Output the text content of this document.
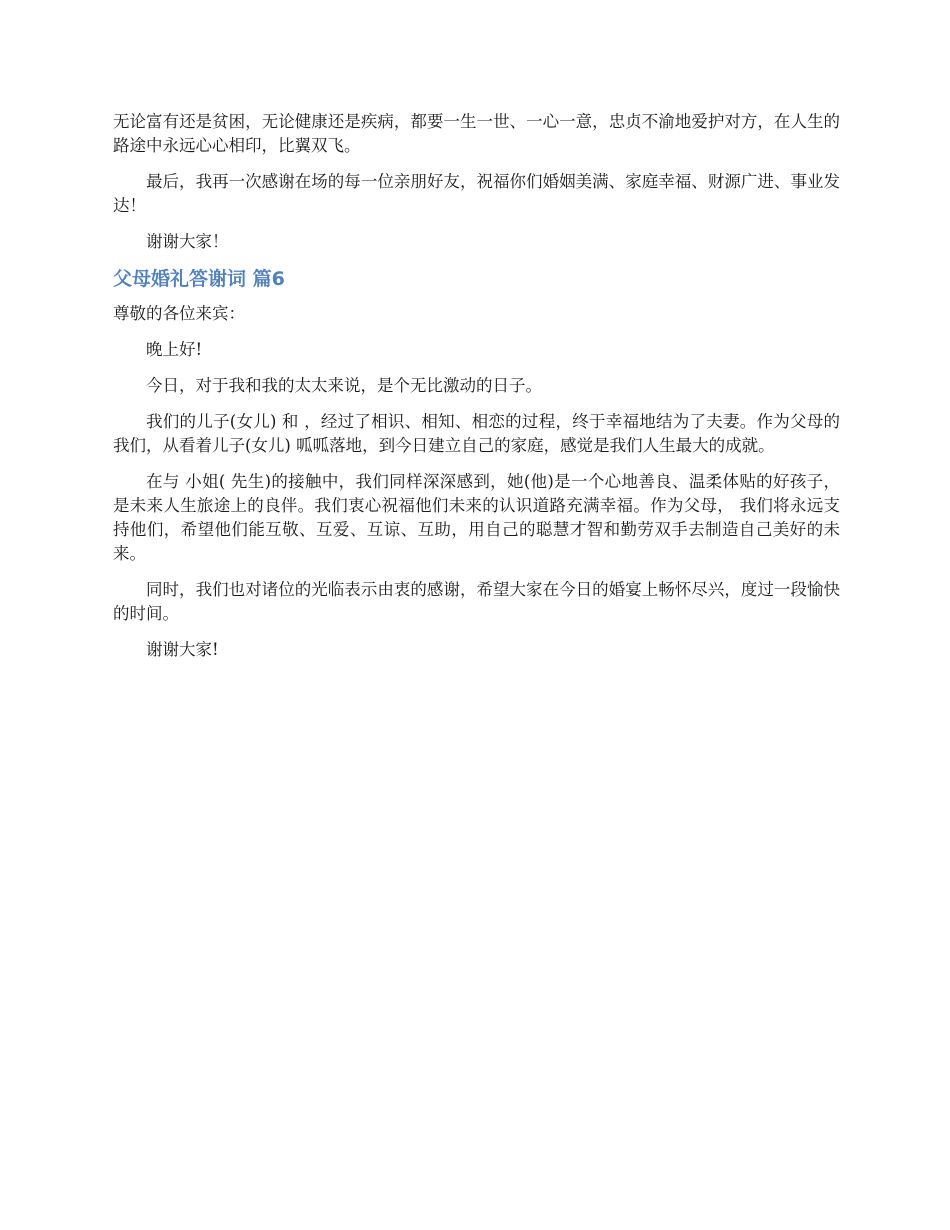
无论富有还是贫困，无论健康还是疾病，都要一生一世、一心一意，忠贞不渝地爱护对方，在人生的路途中永远心心相印，比翼双飞。

最后，我再一次感谢在场的每一位亲朋好友，祝福你们婚姻美满、家庭幸福、财源广进、事业发达！

谢谢大家！

父母婚礼答谢词 篇6

尊敬的各位来宾：

晚上好!

今日，对于我和我的太太来说，是个无比激动的日子。

我们的儿子(女儿) 和 ，经过了相识、相知、相恋的过程，终于幸福地结为了夫妻。作为父母的我们，从看着儿子(女儿) 呱呱落地，到今日建立自己的家庭，感觉是我们人生最大的成就。

在与 小姐( 先生)的接触中，我们同样深深感到，她(他)是一个心地善良、温柔体贴的好孩子，是未来人生旅途上的良伴。我们衷心祝福他们未来的认识道路充满幸福。作为父母， 我们将永远支持他们，希望他们能互敬、互爱、互谅、互助，用自己的聪慧才智和勤劳双手去制造自己美好的未来。

同时，我们也对诸位的光临表示由衷的感谢，希望大家在今日的婚宴上畅怀尽兴，度过一段愉快的时间。

谢谢大家!
